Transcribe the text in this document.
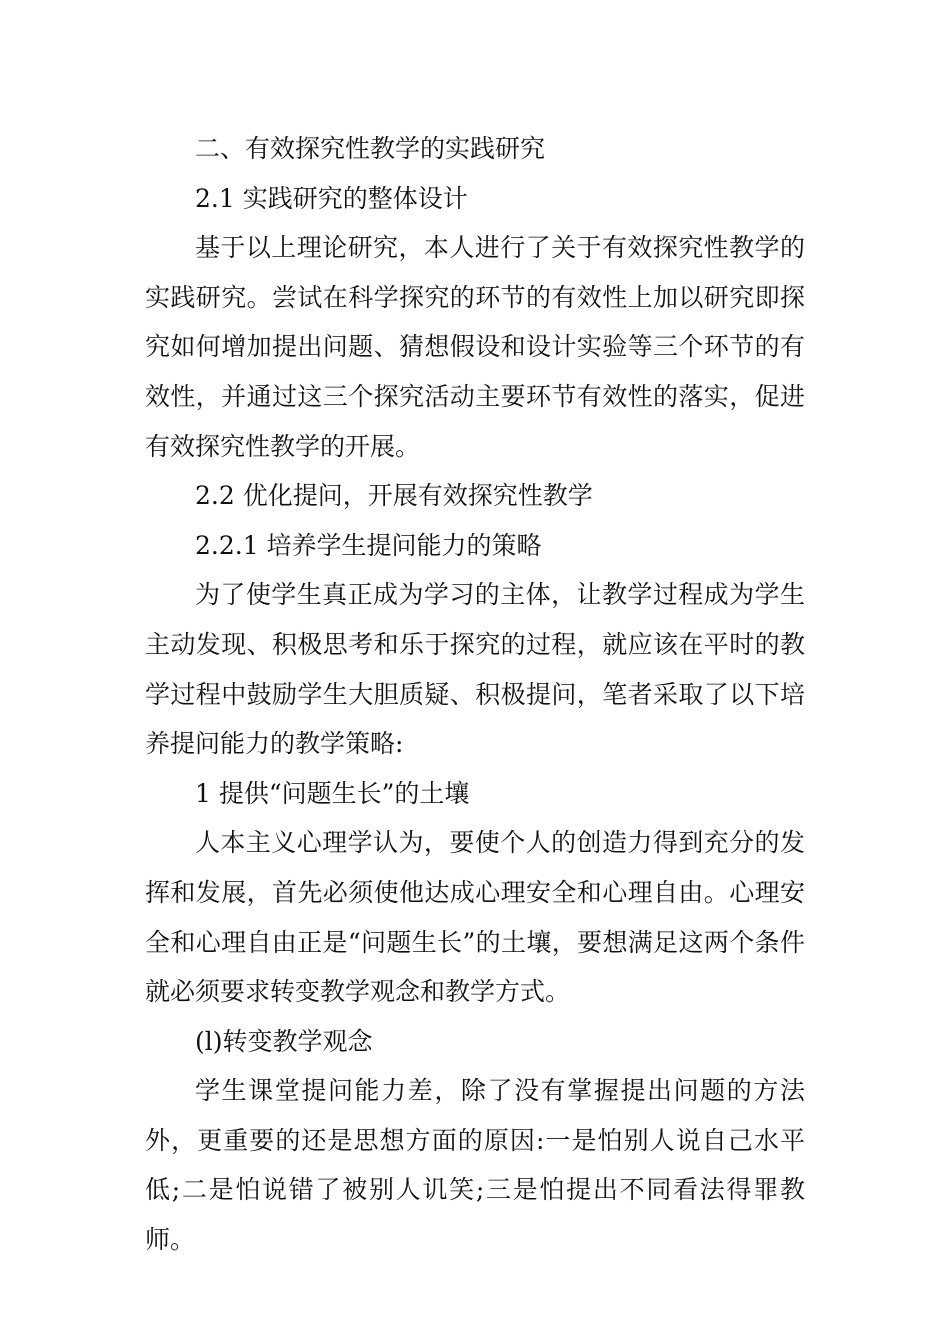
二、有效探究性教学的实践研究

2.1 实践研究的整体设计

基于以上理论研究，本人进行了关于有效探究性教学的实践研究。尝试在科学探究的环节的有效性上加以研究即探究如何增加提出问题、猜想假设和设计实验等三个环节的有效性，并通过这三个探究活动主要环节有效性的落实，促进有效探究性教学的开展。

2.2 优化提问，开展有效探究性教学

2.2.1 培养学生提问能力的策略

为了使学生真正成为学习的主体，让教学过程成为学生主动发现、积极思考和乐于探究的过程，就应该在平时的教学过程中鼓励学生大胆质疑、积极提问，笔者采取了以下培养提问能力的教学策略:

1 提供“问题生长”的土壤

人本主义心理学认为，要使个人的创造力得到充分的发挥和发展，首先必须使他达成心理安全和心理自由。心理安全和心理自由正是“问题生长”的土壤，要想满足这两个条件就必须要求转变教学观念和教学方式。

(l)转变教学观念

学生课堂提问能力差，除了没有掌握提出问题的方法外，更重要的还是思想方面的原因:一是怕别人说自己水平低;二是怕说错了被别人讥笑;三是怕提出不同看法得罪教师。
